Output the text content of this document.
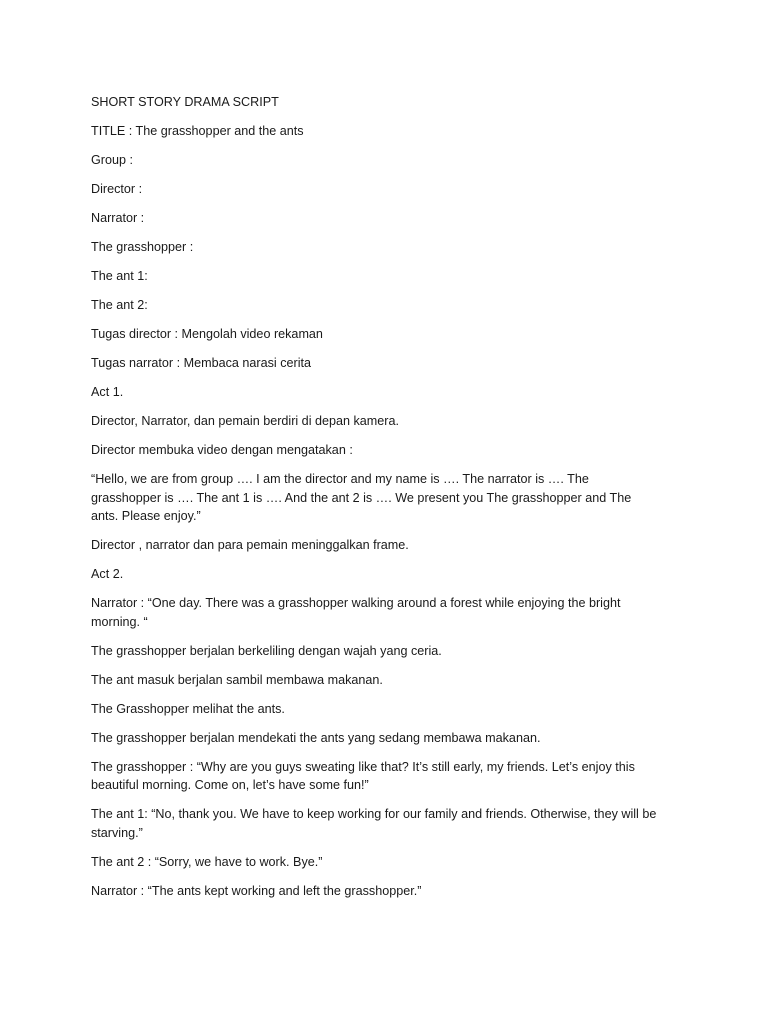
SHORT STORY DRAMA SCRIPT

TITLE : The grasshopper and the ants

Group :

Director :

Narrator :

The grasshopper :

The ant 1:

The ant 2:

Tugas director : Mengolah video rekaman

Tugas narrator : Membaca narasi cerita

Act 1.

Director, Narrator, dan pemain berdiri di depan kamera.

Director membuka video dengan mengatakan :

“Hello, we are from group …. I am the director and my name is …. The narrator is …. The grasshopper is …. The ant 1 is …. And the ant 2 is …. We present you The grasshopper and The ants. Please enjoy.”

Director , narrator dan para pemain meninggalkan frame.

Act 2.

Narrator : “One day. There was a grasshopper walking around a forest while enjoying the bright morning. “

The grasshopper berjalan berkeliling dengan wajah yang ceria.

The ant masuk berjalan sambil membawa makanan.

The Grasshopper melihat the ants.

The grasshopper berjalan mendekati the ants yang sedang membawa makanan.

The grasshopper : “Why are you guys sweating like that? It’s still early, my friends. Let’s enjoy this beautiful morning. Come on, let’s have some fun!”

The ant 1: “No, thank you. We have to keep working for our family and friends. Otherwise, they will be starving.”

The ant 2 : “Sorry, we have to work. Bye.”

Narrator : “The ants kept working and left the grasshopper.”
